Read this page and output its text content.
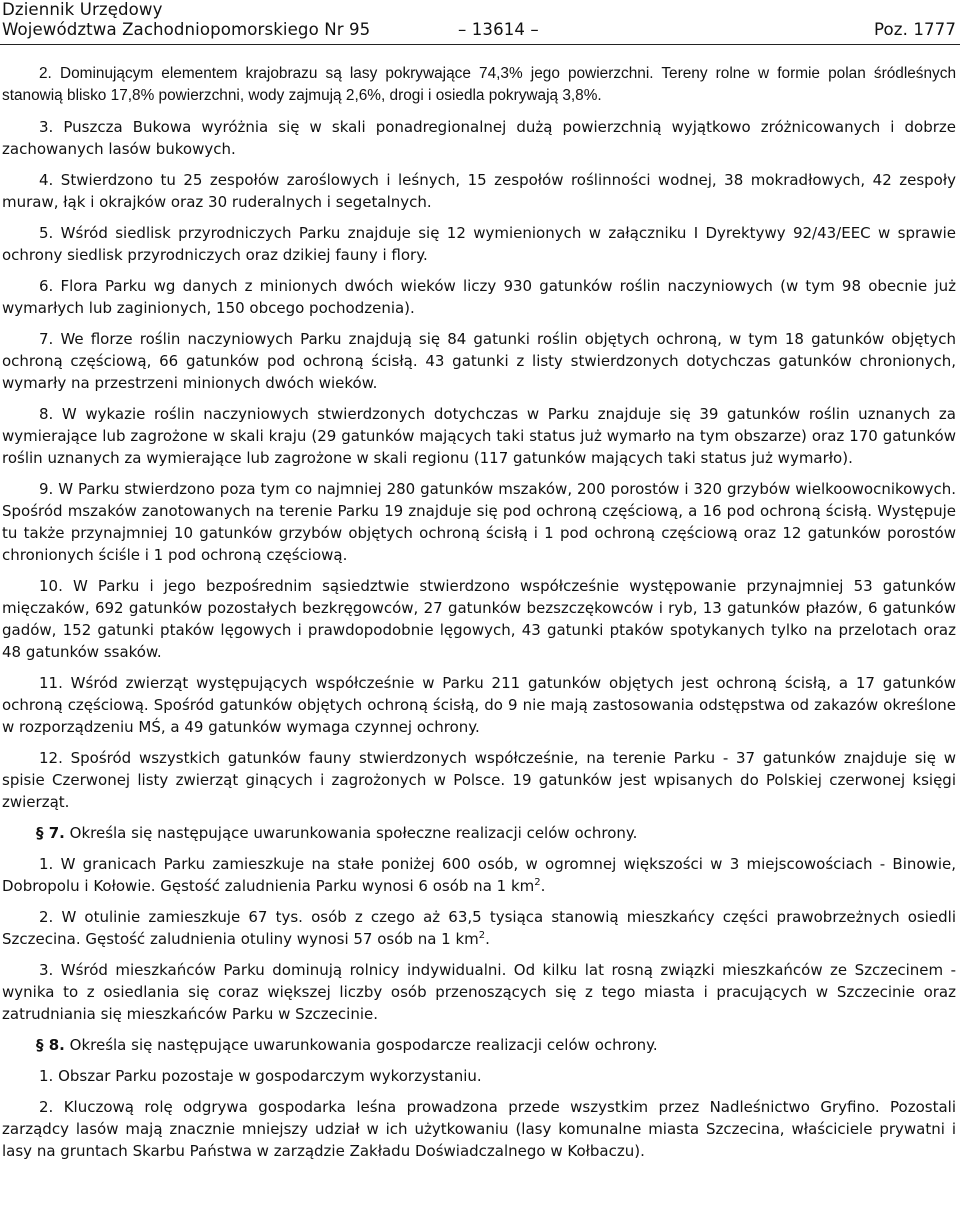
Dziennik Urzędowy
Województwa Zachodniopomorskiego Nr 95	– 13614 –	Poz. 1777

2. Dominującym elementem krajobrazu są lasy pokrywające 74,3% jego powierzchni. Tereny rolne w formie polan śródleśnych stanowią blisko 17,8% powierzchni, wody zajmują 2,6%, drogi i osiedla pokrywają 3,8%.

3. Puszcza Bukowa wyróżnia się w skali ponadregionalnej dużą powierzchnią wyjątkowo zróżnicowanych i dobrze zachowanych lasów bukowych.

4. Stwierdzono tu 25 zespołów zaroślowych i leśnych, 15 zespołów roślinności wodnej, 38 mokradłowych, 42 zespoły muraw, łąk i okrajków oraz 30 ruderalnych i segetalnych.

5. Wśród siedlisk przyrodniczych Parku znajduje się 12 wymienionych w załączniku I Dyrektywy 92/43/EEC w sprawie ochrony siedlisk przyrodniczych oraz dzikiej fauny i flory.

6. Flora Parku wg danych z minionych dwóch wieków liczy 930 gatunków roślin naczyniowych (w tym 98 obecnie już wymarłych lub zaginionych, 150 obcego pochodzenia).

7. We florze roślin naczyniowych Parku znajdują się 84 gatunki roślin objętych ochroną, w tym 18 gatunków objętych ochroną częściową, 66 gatunków pod ochroną ścisłą. 43 gatunki z listy stwierdzonych dotychczas gatunków chronionych, wymarły na przestrzeni minionych dwóch wieków.

8. W wykazie roślin naczyniowych stwierdzonych dotychczas w Parku znajduje się 39 gatunków roślin uznanych za wymierające lub zagrożone w skali kraju (29 gatunków mających taki status już wymarło na tym obszarze) oraz 170 gatunków roślin uznanych za wymierające lub zagrożone w skali regionu (117 gatunków mających taki status już wymarło).

9. W Parku stwierdzono poza tym co najmniej 280 gatunków mszaków, 200 porostów i 320 grzybów wielkoowocnikowych. Spośród mszaków zanotowanych na terenie Parku 19 znajduje się pod ochroną częściową, a 16 pod ochroną ścisłą. Występuje tu także przynajmniej 10 gatunków grzybów objętych ochroną ścisłą i 1 pod ochroną częściową oraz 12 gatunków porostów chronionych ściśle i 1 pod ochroną częściową.

10. W Parku i jego bezpośrednim sąsiedztwie stwierdzono współcześnie występowanie przynajmniej 53 gatunków mięczaków, 692 gatunków pozostałych bezkręgowców, 27 gatunków bezszczękowców i ryb, 13 gatunków płazów, 6 gatunków gadów, 152 gatunki ptaków lęgowych i prawdopodobnie lęgowych, 43 gatunki ptaków spotykanych tylko na przelotach oraz 48 gatunków ssaków.

11. Wśród zwierząt występujących współcześnie w Parku 211 gatunków objętych jest ochroną ścisłą, a 17 gatunków ochroną częściową. Spośród gatunków objętych ochroną ścisłą, do 9 nie mają zastosowania odstępstwa od zakazów określone w rozporządzeniu MŚ, a 49 gatunków wymaga czynnej ochrony.

12. Spośród wszystkich gatunków fauny stwierdzonych współcześnie, na terenie Parku - 37 gatunków znajduje się w spisie Czerwonej listy zwierząt ginących i zagrożonych w Polsce. 19 gatunków jest wpisanych do Polskiej czerwonej księgi zwierząt.

§ 7. Określa się następujące uwarunkowania społeczne realizacji celów ochrony.

1. W granicach Parku zamieszkuje na stałe poniżej 600 osób, w ogromnej większości w 3 miejscowościach - Binowie, Dobropolu i Kołowie. Gęstość zaludnienia Parku wynosi 6 osób na 1 $km^2$.

2. W otulinie zamieszkuje 67 tys. osób z czego aż 63,5 tysiąca stanowią mieszkańcy części prawobrzeżnych osiedli Szczecina. Gęstość zaludnienia otuliny wynosi 57 osób na 1 $km^2$.

3. Wśród mieszkańców Parku dominują rolnicy indywidualni. Od kilku lat rosną związki mieszkańców ze Szczecinem - wynika to z osiedlania się coraz większej liczby osób przenoszących się z tego miasta i pracujących w Szczecinie oraz zatrudniania się mieszkańców Parku w Szczecinie.

§ 8. Określa się następujące uwarunkowania gospodarcze realizacji celów ochrony.

1. Obszar Parku pozostaje w gospodarczym wykorzystaniu.

2. Kluczową rolę odgrywa gospodarka leśna prowadzona przede wszystkim przez Nadleśnictwo Gryfino. Pozostali zarządcy lasów mają znacznie mniejszy udział w ich użytkowaniu (lasy komunalne miasta Szczecina, właściciele prywatni i lasy na gruntach Skarbu Państwa w zarządzie Zakładu Doświadczalnego w Kołbaczu).
